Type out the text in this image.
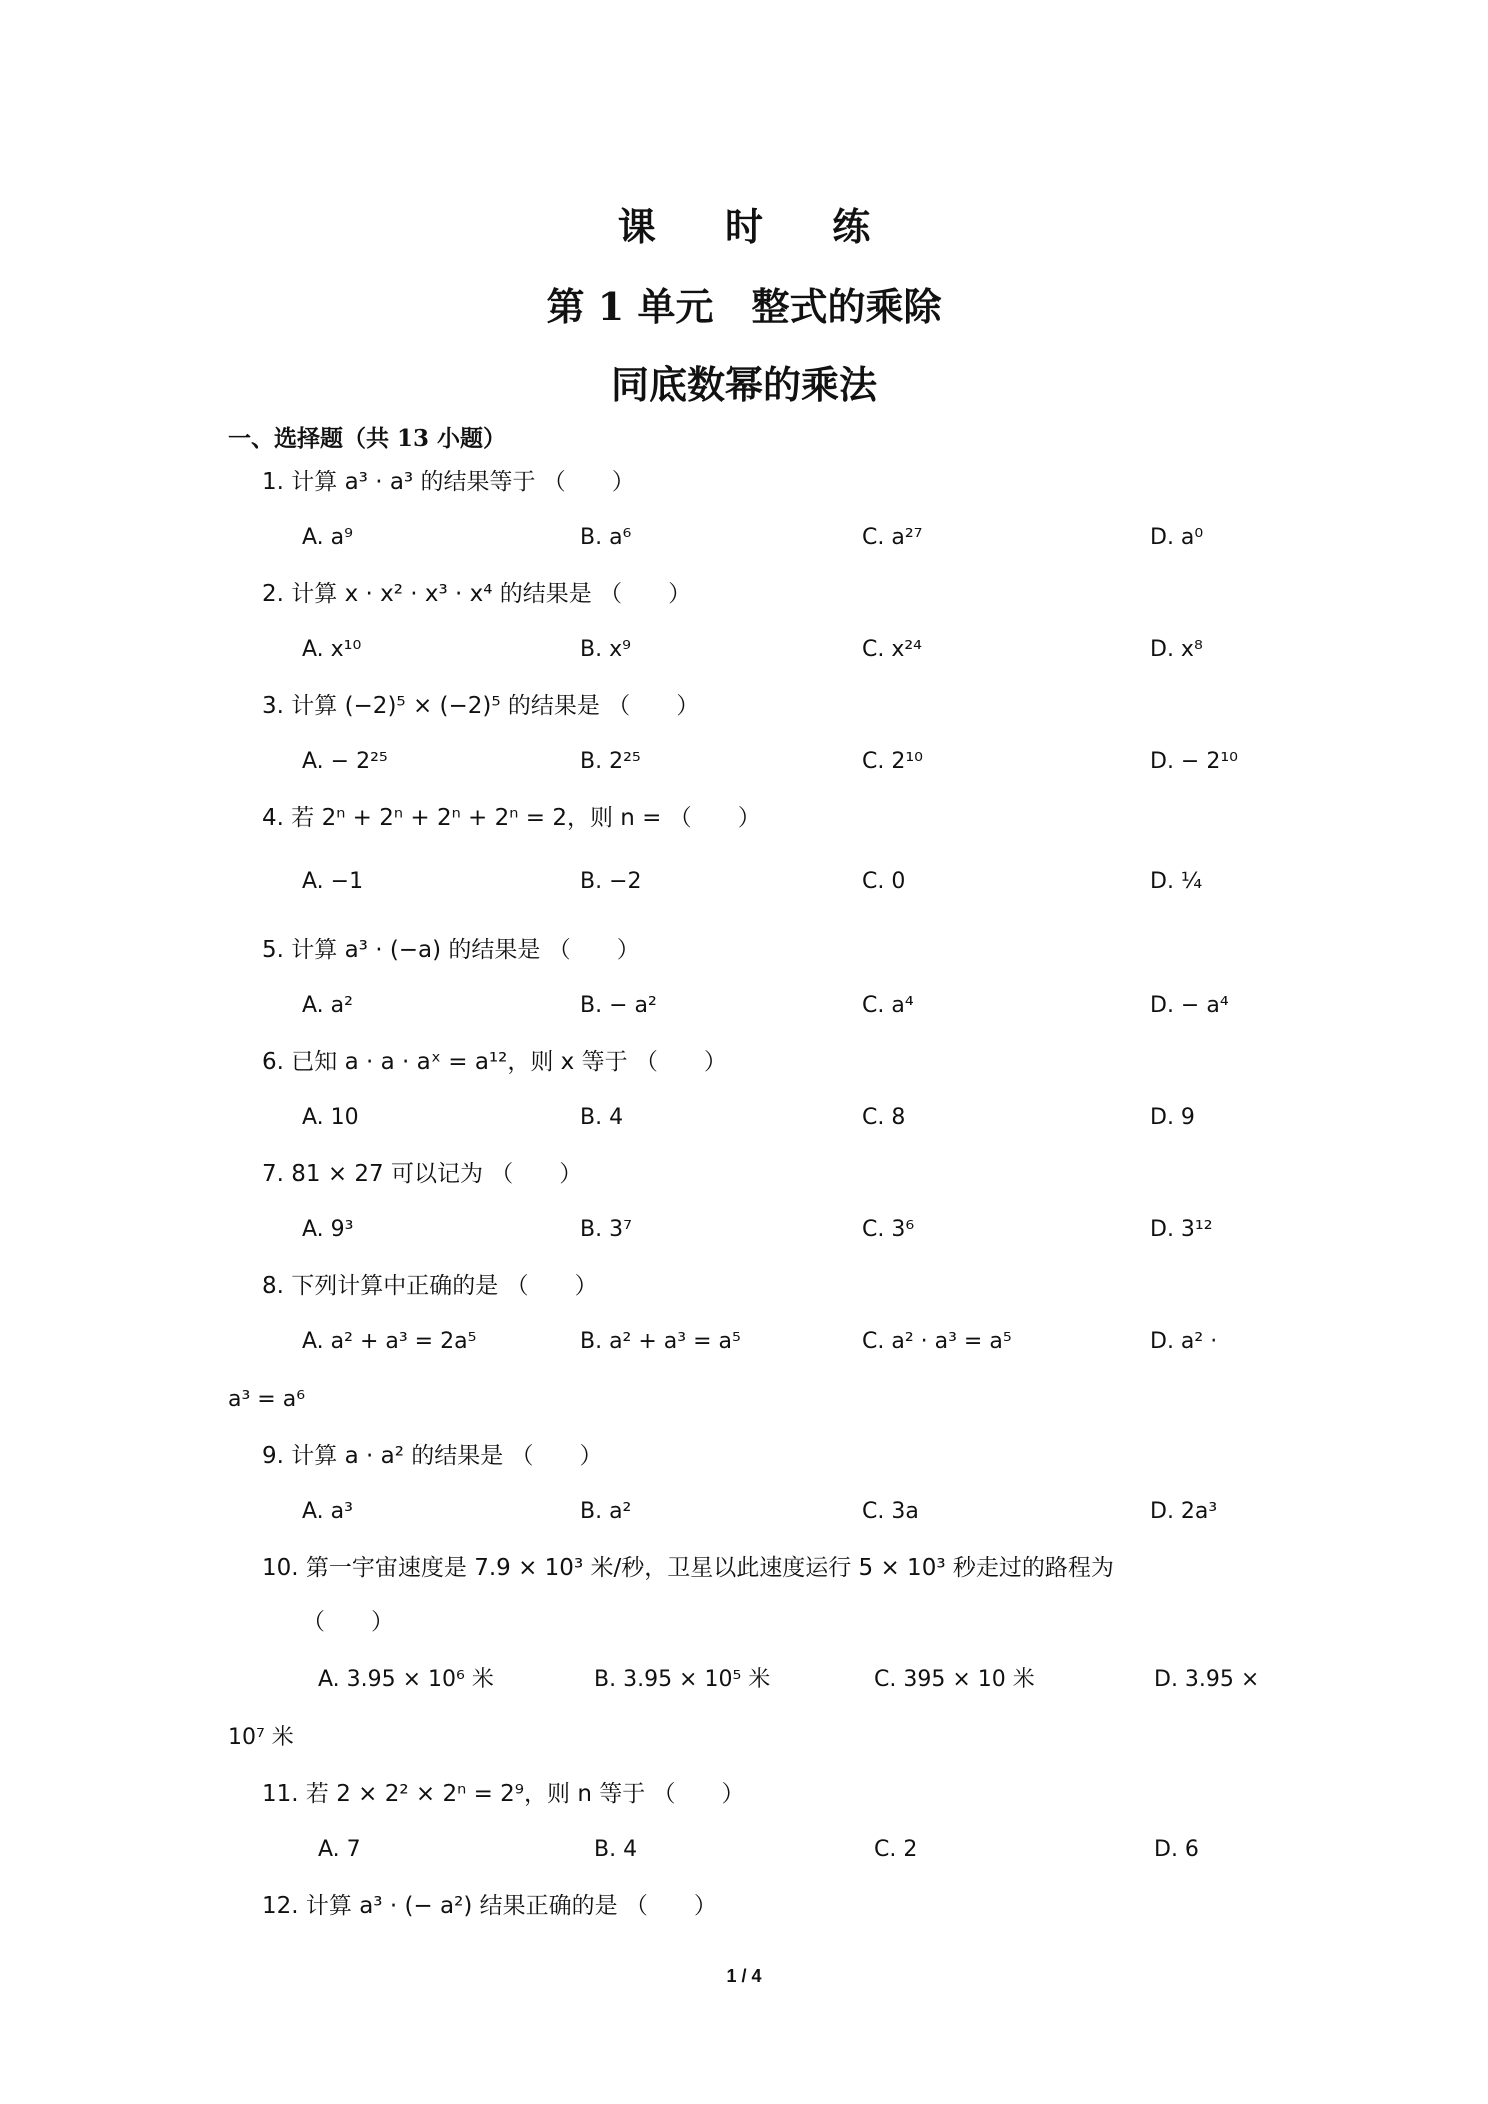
课 时 练
第 1 单元　整式的乘除
同底数幂的乘法
一、选择题（共 13 小题）
1. 计算 a³ · a³ 的结果等于 （　　）
A. a⁹	B. a⁶	C. a²⁷	D. a⁰
2. 计算 x · x² · x³ · x⁴ 的结果是 （　　）
A. x¹⁰	B. x⁹	C. x²⁴	D. x⁸
3. 计算 (−2)⁵ × (−2)⁵ 的结果是 （　　）
A. − 2²⁵	B. 2²⁵	C. 2¹⁰	D. − 2¹⁰
4. 若 2ⁿ + 2ⁿ + 2ⁿ + 2ⁿ = 2，则 n = （　　）
A. −1	B. −2	C. 0	D. ¼
5. 计算 a³ · (−a) 的结果是 （　　）
A. a²	B. − a²	C. a⁴	D. − a⁴
6. 已知 a · a · aˣ = a¹²，则 x 等于 （　　）
A. 10	B. 4	C. 8	D. 9
7. 81 × 27 可以记为 （　　）
A. 9³	B. 3⁷	C. 3⁶	D. 3¹²
8. 下列计算中正确的是 （　　）
A. a² + a³ = 2a⁵	B. a² + a³ = a⁵	C. a² · a³ = a⁵	D. a² ·
a³ = a⁶
9. 计算 a · a² 的结果是 （　　）
A. a³	B. a²	C. 3a	D. 2a³
10. 第一宇宙速度是 7.9 × 10³ 米/秒，卫星以此速度运行 5 × 10³ 秒走过的路程为
（　　）
A. 3.95 × 10⁶ 米	B. 3.95 × 10⁵ 米	C. 395 × 10 米	D. 3.95 ×
10⁷ 米
11. 若 2 × 2² × 2ⁿ = 2⁹，则 n 等于 （　　）
A. 7	B. 4	C. 2	D. 6
12. 计算 a³ · (− a²) 结果正确的是 （　　）
1 / 4
